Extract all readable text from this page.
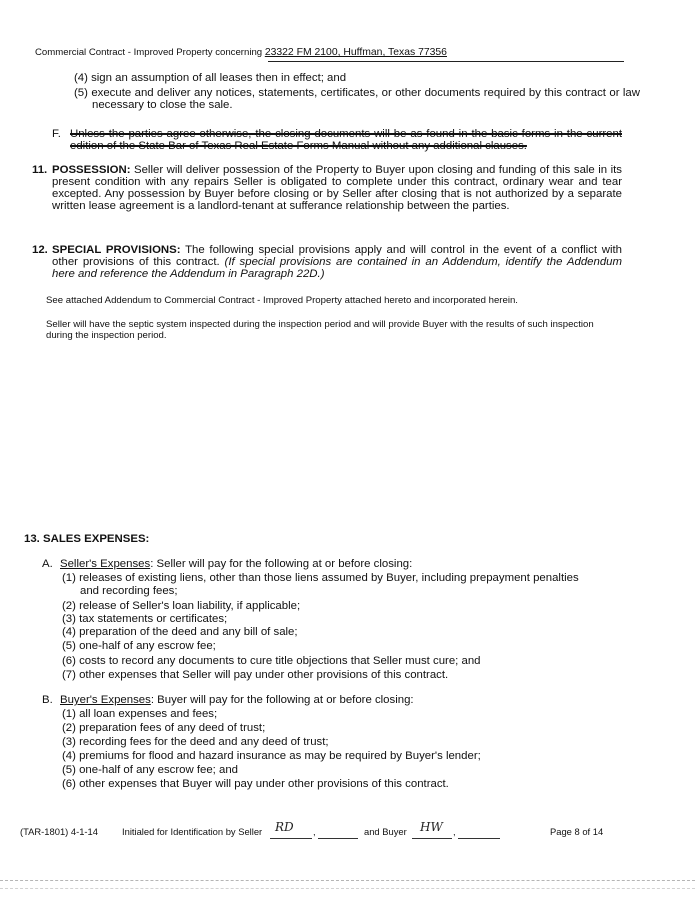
Commercial Contract - Improved Property concerning 23322 FM 2100, Huffman, Texas 77356
(4) sign an assumption of all leases then in effect; and
(5) execute and deliver any notices, statements, certificates, or other documents required by this contract or law necessary to close the sale.
F. Unless the parties agree otherwise, the closing documents will be as found in the basic forms in the current edition of the State Bar of Texas Real Estate Forms Manual without any additional clauses.
11. POSSESSION: Seller will deliver possession of the Property to Buyer upon closing and funding of this sale in its present condition with any repairs Seller is obligated to complete under this contract, ordinary wear and tear excepted. Any possession by Buyer before closing or by Seller after closing that is not authorized by a separate written lease agreement is a landlord-tenant at sufferance relationship between the parties.
12. SPECIAL PROVISIONS: The following special provisions apply and will control in the event of a conflict with other provisions of this contract. (If special provisions are contained in an Addendum, identify the Addendum here and reference the Addendum in Paragraph 22D.)
See attached Addendum to Commercial Contract - Improved Property attached hereto and incorporated herein.
Seller will have the septic system inspected during the inspection period and will provide Buyer with the results of such inspection during the inspection period.
13. SALES EXPENSES:
A. Seller's Expenses: Seller will pay for the following at or before closing:
(1) releases of existing liens, other than those liens assumed by Buyer, including prepayment penalties
and recording fees;
(2) release of Seller's loan liability, if applicable;
(3) tax statements or certificates;
(4) preparation of the deed and any bill of sale;
(5) one-half of any escrow fee;
(6) costs to record any documents to cure title objections that Seller must cure; and
(7) other expenses that Seller will pay under other provisions of this contract.
B. Buyer's Expenses: Buyer will pay for the following at or before closing:
(1) all loan expenses and fees;
(2) preparation fees of any deed of trust;
(3) recording fees for the deed and any deed of trust;
(4) premiums for flood and hazard insurance as may be required by Buyer's lender;
(5) one-half of any escrow fee; and
(6) other expenses that Buyer will pay under other provisions of this contract.
(TAR-1801) 4-1-14	Initialed for Identification by Seller RD ,	and Buyer HW ,	Page 8 of 14
